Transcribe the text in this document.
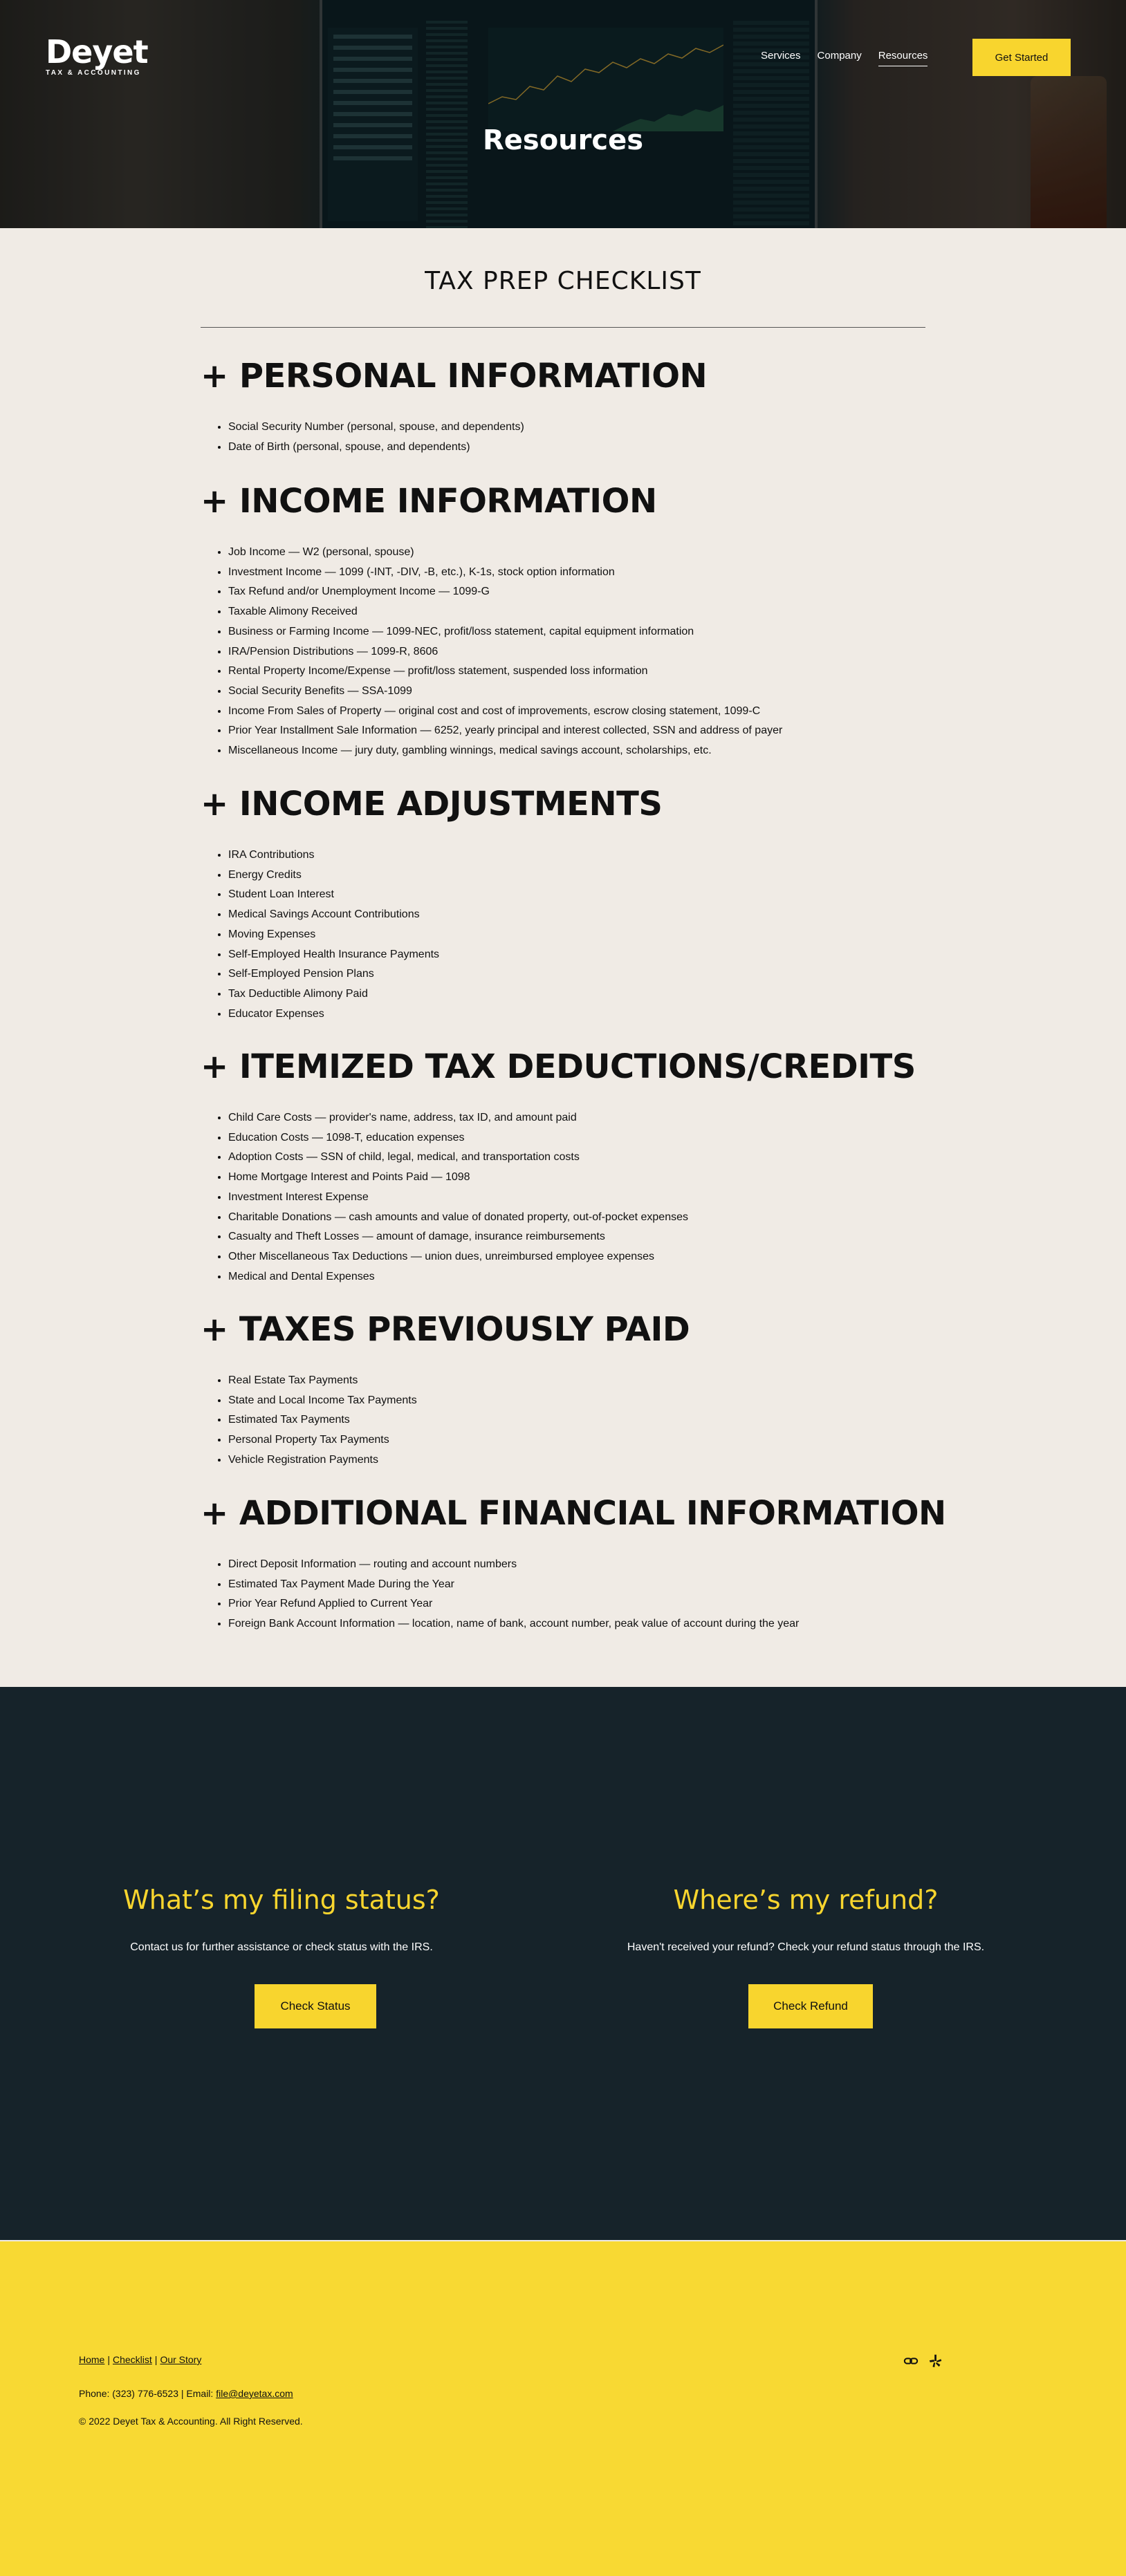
Deyet
TAX & ACCOUNTING
Services Company Resources	Get Started
Resources
TAX PREP CHECKLIST
+ PERSONAL INFORMATION
• Social Security Number (personal, spouse, and dependents)
• Date of Birth (personal, spouse, and dependents)
+ INCOME INFORMATION
• Job Income — W2 (personal, spouse)
• Investment Income — 1099 (-INT, -DIV, -B, etc.), K-1s, stock option information
• Tax Refund and/or Unemployment Income — 1099-G
• Taxable Alimony Received
• Business or Farming Income — 1099-NEC, profit/loss statement, capital equipment information
• IRA/Pension Distributions — 1099-R, 8606
• Rental Property Income/Expense — profit/loss statement, suspended loss information
• Social Security Benefits — SSA-1099
• Income From Sales of Property — original cost and cost of improvements, escrow closing statement, 1099-C
• Prior Year Installment Sale Information — 6252, yearly principal and interest collected, SSN and address of payer
• Miscellaneous Income — jury duty, gambling winnings, medical savings account, scholarships, etc.
+ INCOME ADJUSTMENTS
• IRA Contributions
• Energy Credits
• Student Loan Interest
• Medical Savings Account Contributions
• Moving Expenses
• Self-Employed Health Insurance Payments
• Self-Employed Pension Plans
• Tax Deductible Alimony Paid
• Educator Expenses
+ ITEMIZED TAX DEDUCTIONS/CREDITS
• Child Care Costs — provider's name, address, tax ID, and amount paid
• Education Costs — 1098-T, education expenses
• Adoption Costs — SSN of child, legal, medical, and transportation costs
• Home Mortgage Interest and Points Paid — 1098
• Investment Interest Expense
• Charitable Donations — cash amounts and value of donated property, out-of-pocket expenses
• Casualty and Theft Losses — amount of damage, insurance reimbursements
• Other Miscellaneous Tax Deductions — union dues, unreimbursed employee expenses
• Medical and Dental Expenses
+ TAXES PREVIOUSLY PAID
• Real Estate Tax Payments
• State and Local Income Tax Payments
• Estimated Tax Payments
• Personal Property Tax Payments
• Vehicle Registration Payments
+ ADDITIONAL FINANCIAL INFORMATION
• Direct Deposit Information — routing and account numbers
• Estimated Tax Payment Made During the Year
• Prior Year Refund Applied to Current Year
• Foreign Bank Account Information — location, name of bank, account number, peak value of account during the year
What’s my filing status?

Contact us for further assistance or check status with the IRS.

Check Status
Where’s my refund?

Haven't received your refund? Check your refund status through the IRS.

Check Refund
Home | Checklist | Our Story
Phone: (323) 776-6523 | Email: file@deyetax.com
© 2022 Deyet Tax & Accounting. All Right Reserved.
